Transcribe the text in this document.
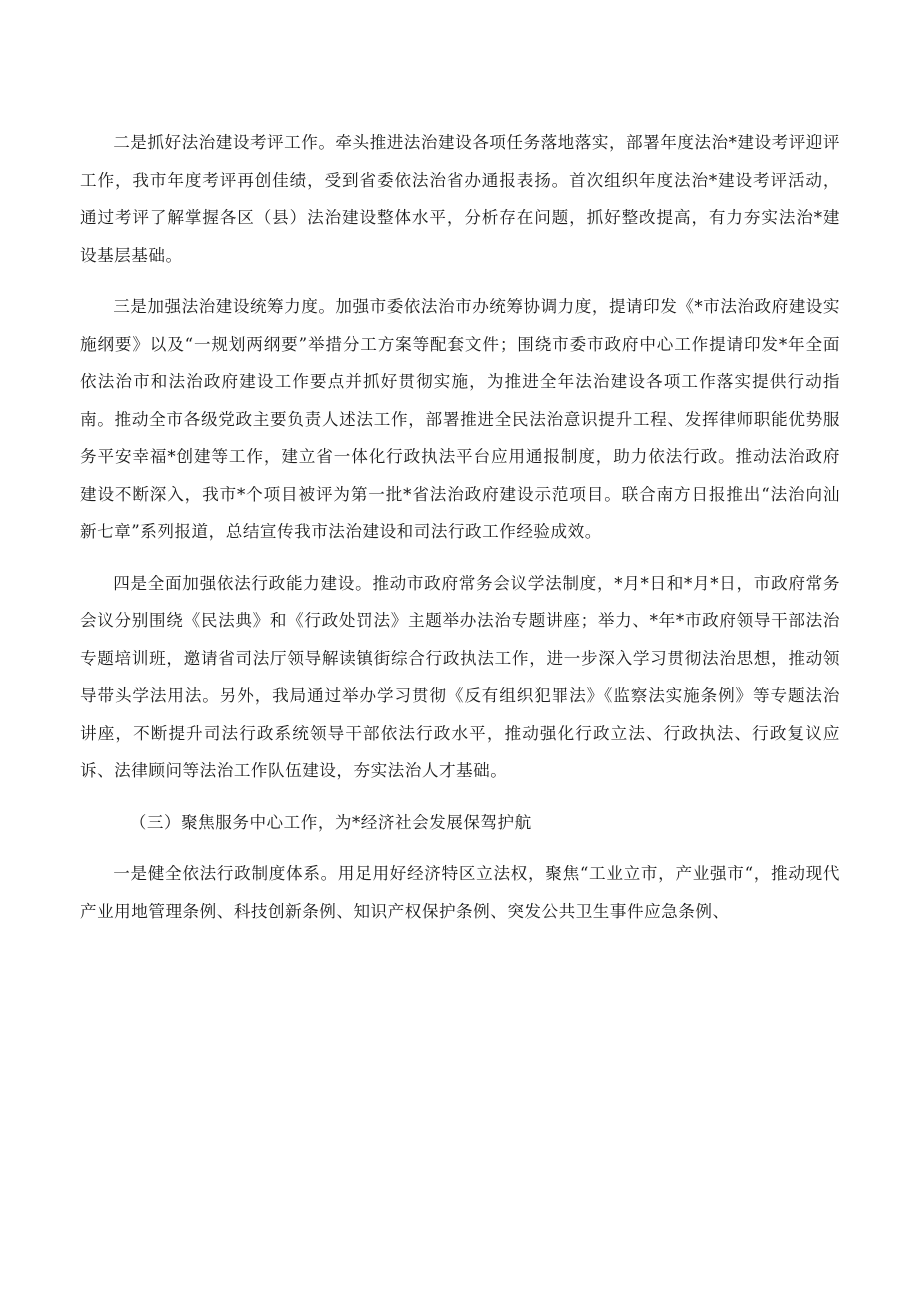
二是抓好法治建设考评工作。牵头推进法治建设各项任务落地落实，部署年度法治*建设考评迎评工作，我市年度考评再创佳绩，受到省委依法治省办通报表扬。首次组织年度法治*建设考评活动，通过考评了解掌握各区（县）法治建设整体水平，分析存在问题，抓好整改提高，有力夯实法治*建设基层基础。

三是加强法治建设统筹力度。加强市委依法治市办统筹协调力度，提请印发《*市法治政府建设实施纲要》以及“一规划两纲要”举措分工方案等配套文件；围绕市委市政府中心工作提请印发*年全面依法治市和法治政府建设工作要点并抓好贯彻实施，为推进全年法治建设各项工作落实提供行动指南。推动全市各级党政主要负责人述法工作，部署推进全民法治意识提升工程、发挥律师职能优势服务平安幸福*创建等工作，建立省一体化行政执法平台应用通报制度，助力依法行政。推动法治政府建设不断深入，我市*个项目被评为第一批*省法治政府建设示范项目。联合南方日报推出“法治向汕新七章”系列报道，总结宣传我市法治建设和司法行政工作经验成效。

四是全面加强依法行政能力建设。推动市政府常务会议学法制度，*月*日和*月*日，市政府常务会议分别围绕《民法典》和《行政处罚法》主题举办法治专题讲座；举力、*年*市政府领导干部法治专题培训班，邀请省司法厅领导解读镇街综合行政执法工作，进一步深入学习贯彻法治思想，推动领导带头学法用法。另外，我局通过举办学习贯彻《反有组织犯罪法》《监察法实施条例》等专题法治讲座，不断提升司法行政系统领导干部依法行政水平，推动强化行政立法、行政执法、行政复议应诉、法律顾问等法治工作队伍建设，夯实法治人才基础。

（三）聚焦服务中心工作，为*经济社会发展保驾护航

一是健全依法行政制度体系。用足用好经济特区立法权，聚焦“工业立市，产业强市“，推动现代产业用地管理条例、科技创新条例、知识产权保护条例、突发公共卫生事件应急条例、
